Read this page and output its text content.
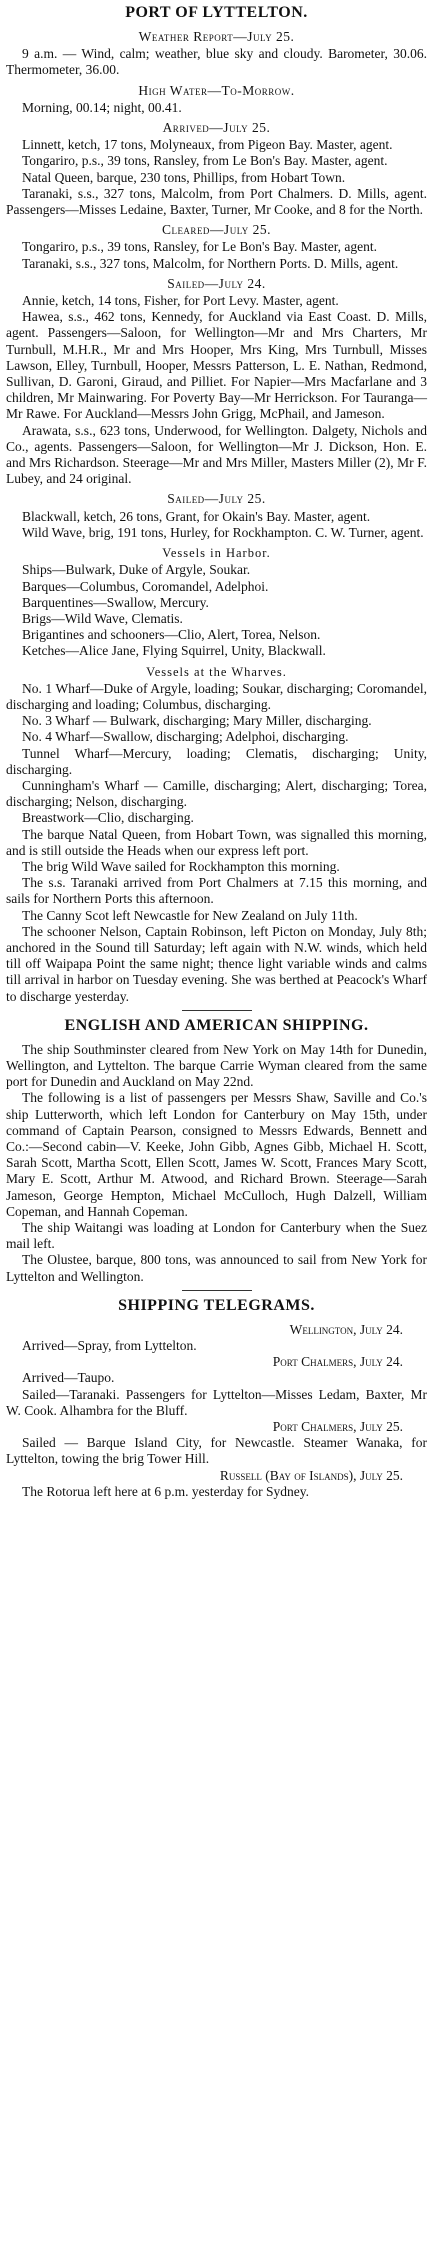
PORT OF LYTTELTON.

Weather Report—July 25.

9 a.m. — Wind, calm; weather, blue sky and cloudy. Barometer, 30.06. Thermometer, 36.00.

High Water—To-Morrow.

Morning, 00.14; night, 00.41.

Arrived—July 25.

Linnett, ketch, 17 tons, Molyneaux, from Pigeon Bay. Master, agent.

Tongariro, p.s., 39 tons, Ransley, from Le Bon's Bay. Master, agent.

Natal Queen, barque, 230 tons, Phillips, from Hobart Town.

Taranaki, s.s., 327 tons, Malcolm, from Port Chalmers. D. Mills, agent. Passengers—Misses Ledaine, Baxter, Turner, Mr Cooke, and 8 for the North.

Cleared—July 25.

Tongariro, p.s., 39 tons, Ransley, for Le Bon's Bay. Master, agent.

Taranaki, s.s., 327 tons, Malcolm, for Northern Ports. D. Mills, agent.

Sailed—July 24.

Annie, ketch, 14 tons, Fisher, for Port Levy. Master, agent.

Hawea, s.s., 462 tons, Kennedy, for Auckland via East Coast. D. Mills, agent. Passengers—Saloon, for Wellington—Mr and Mrs Charters, Mr Turnbull, M.H.R., Mr and Mrs Hooper, Mrs King, Mrs Turnbull, Misses Lawson, Elley, Turnbull, Hooper, Messrs Patterson, L. E. Nathan, Redmond, Sullivan, D. Garoni, Giraud, and Pilliet. For Napier—Mrs Macfarlane and 3 children, Mr Mainwaring. For Poverty Bay—Mr Herrickson. For Tauranga—Mr Rawe. For Auckland—Messrs John Grigg, McPhail, and Jameson.

Arawata, s.s., 623 tons, Underwood, for Wellington. Dalgety, Nichols and Co., agents. Passengers—Saloon, for Wellington—Mr J. Dickson, Hon. E. and Mrs Richardson. Steerage—Mr and Mrs Miller, Masters Miller (2), Mr F. Lubey, and 24 original.

Sailed—July 25.

Blackwall, ketch, 26 tons, Grant, for Okain's Bay. Master, agent.

Wild Wave, brig, 191 tons, Hurley, for Rockhampton. C. W. Turner, agent.

Vessels in Harbor.

Ships—Bulwark, Duke of Argyle, Soukar.

Barques—Columbus, Coromandel, Adelphoi.

Barquentines—Swallow, Mercury.

Brigs—Wild Wave, Clematis.

Brigantines and schooners—Clio, Alert, Torea, Nelson.

Ketches—Alice Jane, Flying Squirrel, Unity, Blackwall.

Vessels at the Wharves.

No. 1 Wharf—Duke of Argyle, loading; Soukar, discharging; Coromandel, discharging and loading; Columbus, discharging.

No. 3 Wharf — Bulwark, discharging; Mary Miller, discharging.

No. 4 Wharf—Swallow, discharging; Adelphoi, discharging.

Tunnel Wharf—Mercury, loading; Clematis, discharging; Unity, discharging.

Cunningham's Wharf — Camille, discharging; Alert, discharging; Torea, discharging; Nelson, discharging.

Breastwork—Clio, discharging.

The barque Natal Queen, from Hobart Town, was signalled this morning, and is still outside the Heads when our express left port.

The brig Wild Wave sailed for Rockhampton this morning.

The s.s. Taranaki arrived from Port Chalmers at 7.15 this morning, and sails for Northern Ports this afternoon.

The Canny Scot left Newcastle for New Zealand on July 11th.

The schooner Nelson, Captain Robinson, left Picton on Monday, July 8th; anchored in the Sound till Saturday; left again with N.W. winds, which held till off Waipapa Point the same night; thence light variable winds and calms till arrival in harbor on Tuesday evening. She was berthed at Peacock's Wharf to discharge yesterday.

ENGLISH AND AMERICAN SHIPPING.

The ship Southminster cleared from New York on May 14th for Dunedin, Wellington, and Lyttelton. The barque Carrie Wyman cleared from the same port for Dunedin and Auckland on May 22nd.

The following is a list of passengers per Messrs Shaw, Saville and Co.'s ship Lutterworth, which left London for Canterbury on May 15th, under command of Captain Pearson, consigned to Messrs Edwards, Bennett and Co.:—Second cabin—V. Keeke, John Gibb, Agnes Gibb, Michael H. Scott, Sarah Scott, Martha Scott, Ellen Scott, James W. Scott, Frances Mary Scott, Mary E. Scott, Arthur M. Atwood, and Richard Brown. Steerage—Sarah Jameson, George Hempton, Michael McCulloch, Hugh Dalzell, William Copeman, and Hannah Copeman.

The ship Waitangi was loading at London for Canterbury when the Suez mail left.

The Olustee, barque, 800 tons, was announced to sail from New York for Lyttelton and Wellington.

SHIPPING TELEGRAMS.

Wellington, July 24.

Arrived—Spray, from Lyttelton.

Port Chalmers, July 24.

Arrived—Taupo.

Sailed—Taranaki. Passengers for Lyttelton—Misses Ledam, Baxter, Mr W. Cook. Alhambra for the Bluff.

Port Chalmers, July 25.

Sailed — Barque Island City, for Newcastle. Steamer Wanaka, for Lyttelton, towing the brig Tower Hill.

Russell (Bay of Islands), July 25.

The Rotorua left here at 6 p.m. yesterday for Sydney.
